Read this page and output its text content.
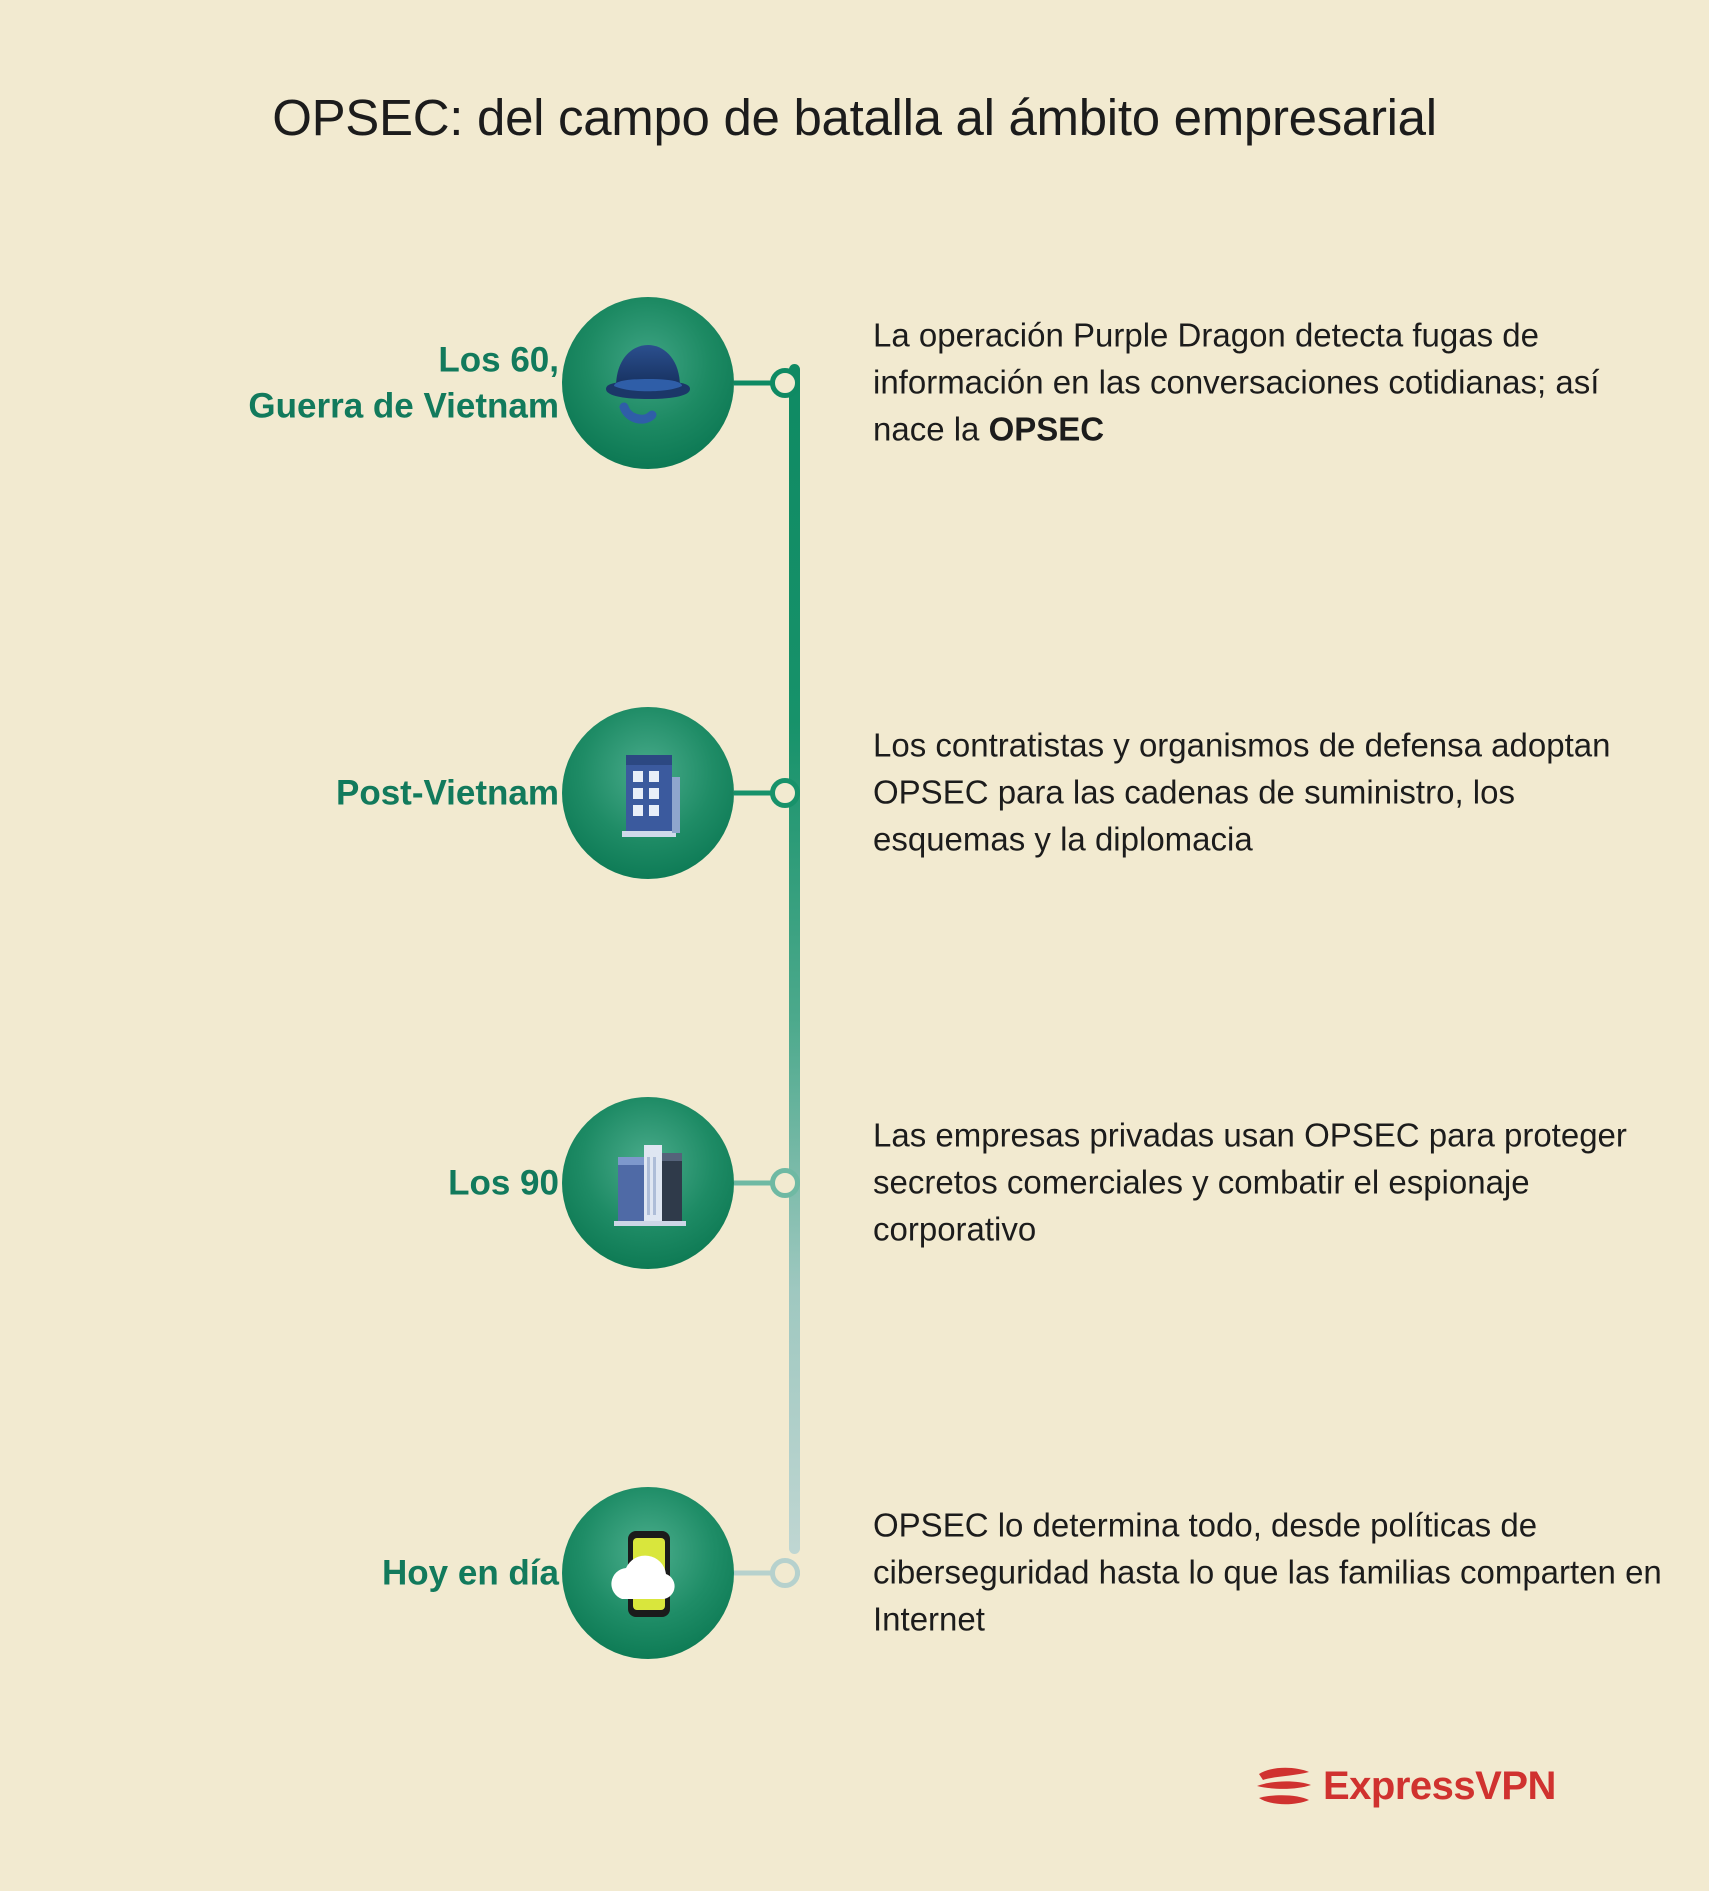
OPSEC: del campo de batalla al ámbito empresarial
Los 60,
Guerra de Vietnam
La operación Purple Dragon detecta fugas de información en las conversaciones cotidianas; así nace la OPSEC
Post-Vietnam
Los contratistas y organismos de defensa adoptan OPSEC para las cadenas de suministro, los esquemas y la diplomacia
Los 90
Las empresas privadas usan OPSEC para proteger secretos comerciales y combatir el espionaje corporativo
Hoy en día
OPSEC lo determina todo, desde políticas de ciberseguridad hasta lo que las familias comparten en Internet
ExpressVPN
